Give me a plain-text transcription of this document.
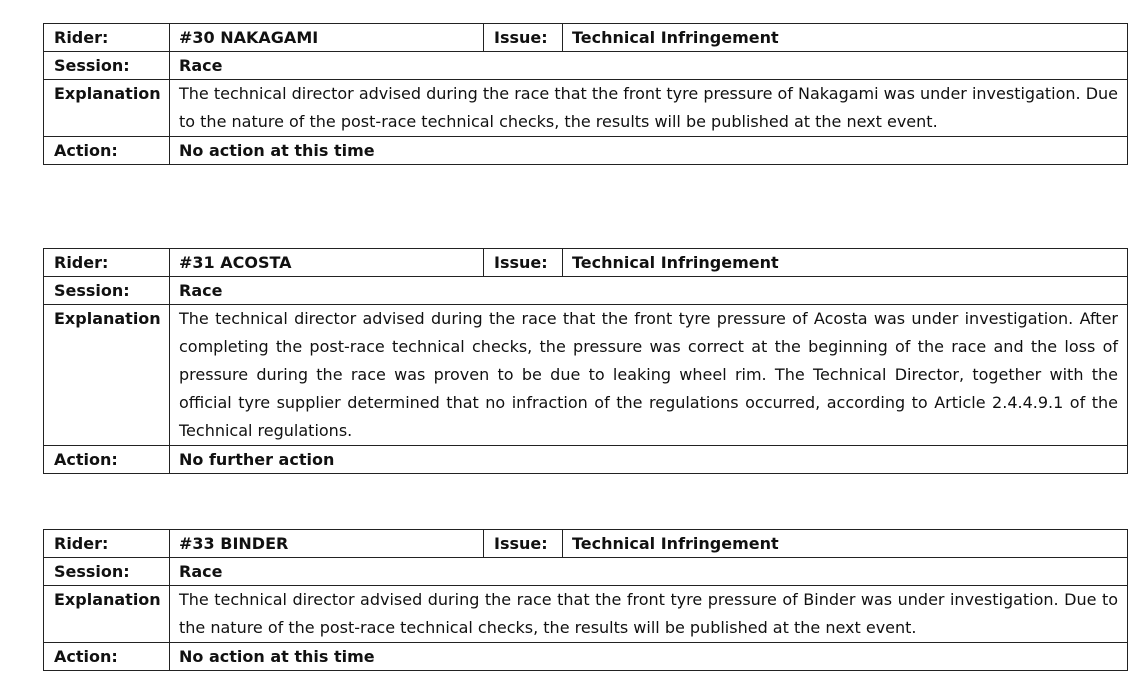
Rider:	#30 NAKAGAMI	Issue:	Technical Infringement
Session:	Race		
Explanation	The technical director advised during the race that the front tyre pressure of Nakagami was under investigation. Due to the nature of the post-race technical checks, the results will be published at the next event.		
Action:	No action at this time		
Rider:	#31 ACOSTA	Issue:	Technical Infringement
Session:	Race		
Explanation	The technical director advised during the race that the front tyre pressure of Acosta was under investigation. After completing the post-race technical checks, the pressure was correct at the beginning of the race and the loss of pressure during the race was proven to be due to leaking wheel rim. The Technical Director, together with the official tyre supplier determined that no infraction of the regulations occurred, according to Article 2.4.4.9.1 of the Technical regulations.		
Action:	No further action		
Rider:	#33 BINDER	Issue:	Technical Infringement
Session:	Race		
Explanation	The technical director advised during the race that the front tyre pressure of Binder was under investigation. Due to the nature of the post-race technical checks, the results will be published at the next event.		
Action:	No action at this time		
